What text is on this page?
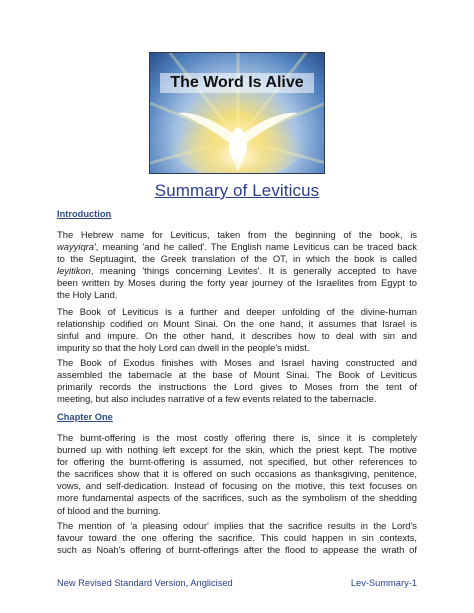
The Word Is Alive
Summary of Leviticus
Introduction
The Hebrew name for Leviticus, taken from the beginning of the book, is
wayyiqra', meaning 'and he called'. The English name Leviticus can be traced back
to the Septuagint, the Greek translation of the OT, in which the book is called
leyitikon, meaning 'things concerning Levites'. It is generally accepted to have
been written by Moses during the forty year journey of the Israelites from Egypt to
the Holy Land.
The Book of Leviticus is a further and deeper unfolding of the divine-human
relationship codified on Mount Sinai. On the one hand, it assumes that Israel is
sinful and impure. On the other hand, it describes how to deal with sin and
impurity so that the holy Lord can dwell in the people's midst.
The Book of Exodus finishes with Moses and Israel having constructed and
assembled the tabernacle at the base of Mount Sinai. The Book of Leviticus
primarily records the instructions the Lord gives to Moses from the tent of
meeting, but also includes narrative of a few events related to the tabernacle.
Chapter One
The burnt-offering is the most costly offering there is, since it is completely
burned up with nothing left except for the skin, which the priest kept. The motive
for offering the burnt-offering is assumed, not specified, but other references to
the sacrifices show that it is offered on such occasions as thanksgiving, penitence,
vows, and self-dedication. Instead of focusing on the motive, this text focuses on
more fundamental aspects of the sacrifices, such as the symbolism of the shedding
of blood and the burning.
The mention of 'a pleasing odour' implies that the sacrifice results in the Lord's
favour toward the one offering the sacrifice. This could happen in sin contexts,
such as Noah's offering of burnt-offerings after the flood to appease the wrath of
New Revised Standard Version, Anglicised	Lev-Summary-1
